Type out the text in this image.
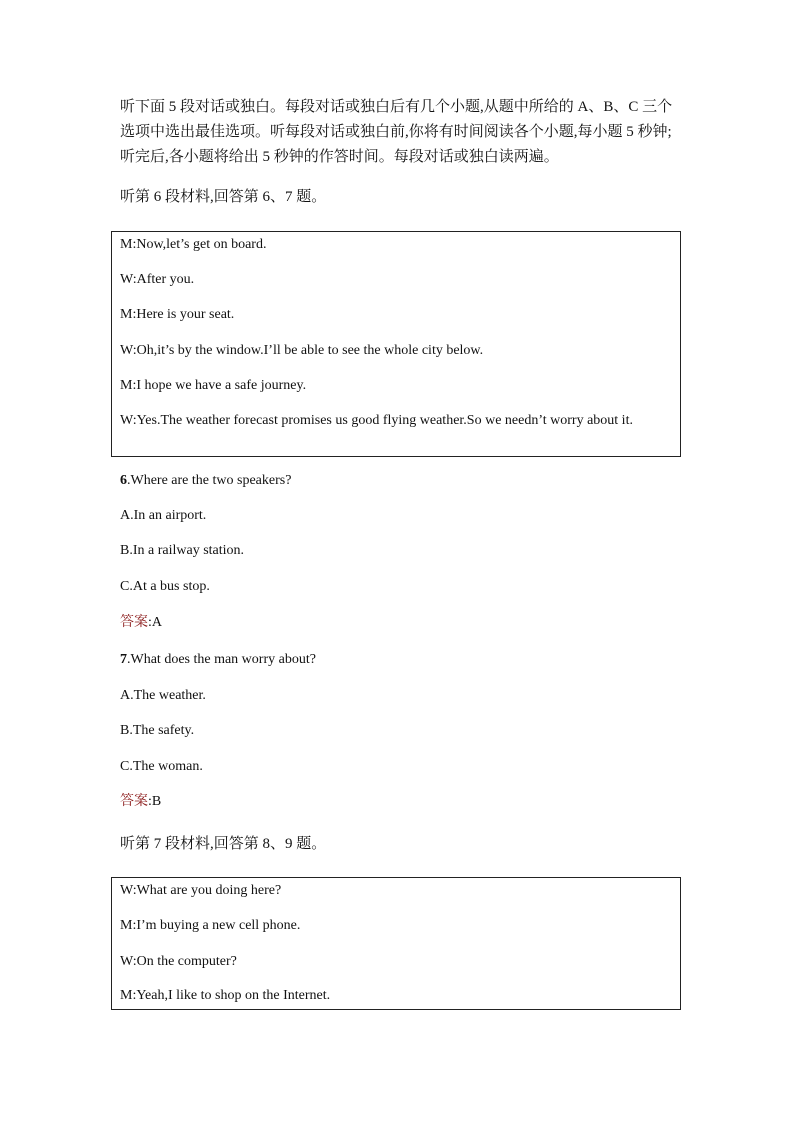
听下面 5 段对话或独白。每段对话或独白后有几个小题,从题中所给的 A、B、C 三个选项中选出最佳选项。听每段对话或独白前,你将有时间阅读各个小题,每小题 5 秒钟;听完后,各小题将给出 5 秒钟的作答时间。每段对话或独白读两遍。

听第 6 段材料,回答第 6、7 题。

M:Now,let’s get on board.

W:After you.

M:Here is your seat.

W:Oh,it’s by the window.I’ll be able to see the whole city below.

M:I hope we have a safe journey.

W:Yes.The weather forecast promises us good flying weather.So we needn’t worry about it.

6.Where are the two speakers?

A.In an airport.

B.In a railway station.

C.At a bus stop.

答案:A

7.What does the man worry about?

A.The weather.

B.The safety.

C.The woman.

答案:B

听第 7 段材料,回答第 8、9 题。

W:What are you doing here?

M:I’m buying a new cell phone.

W:On the computer?

M:Yeah,I like to shop on the Internet.
